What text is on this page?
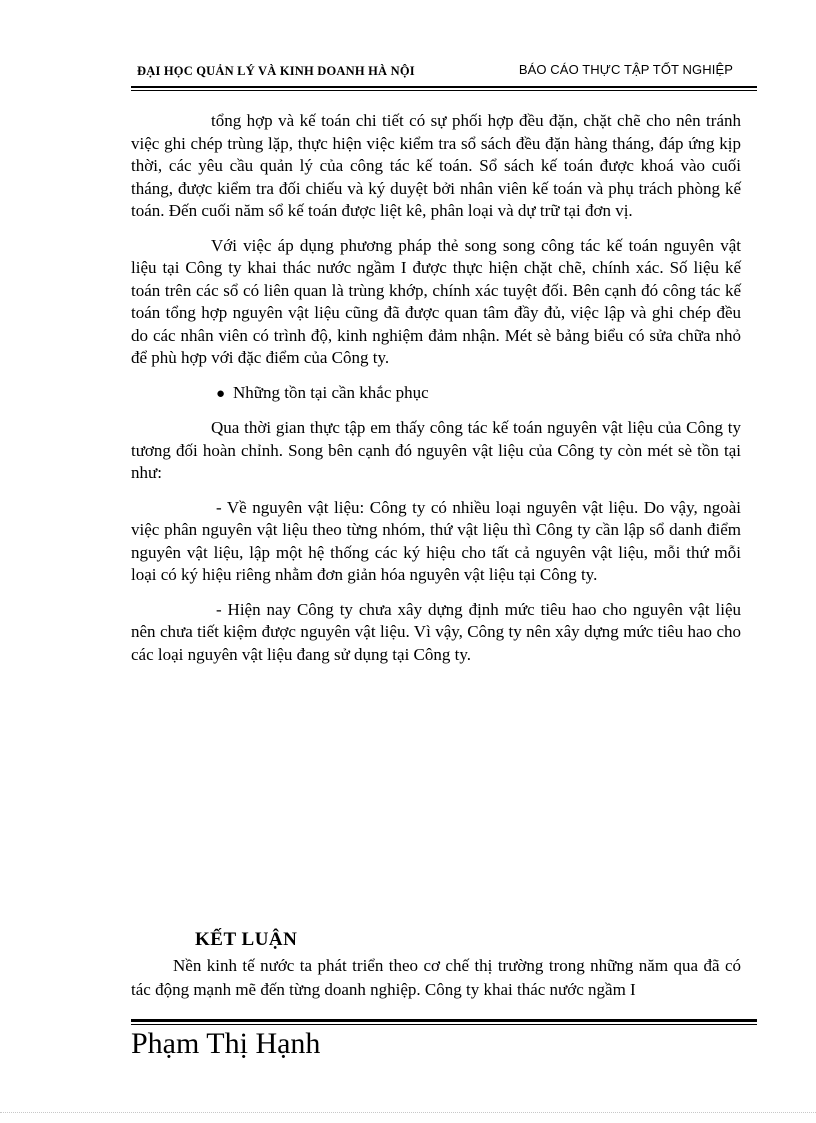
ĐẠI HỌC QUẢN LÝ VÀ KINH DOANH HÀ NỘI	BÁO CÁO THỰC TẬP TỐT NGHIỆP

tổng hợp và kế toán chi tiết có sự phối hợp đều đặn, chặt chẽ cho nên tránh việc ghi chép trùng lặp, thực hiện việc kiểm tra sổ sách đều đặn hàng tháng, đáp ứng kịp thời, các yêu cầu quản lý của công tác kế toán. Sổ sách kế toán được khoá vào cuối tháng, được kiểm tra đối chiếu và ký duyệt bởi nhân viên kế toán và phụ trách phòng kế toán. Đến cuối năm sổ kế toán được liệt kê, phân loại và dự trữ tại đơn vị.

Với việc áp dụng phương pháp thẻ song song công tác kế toán nguyên vật liệu tại Công ty khai thác nước ngầm I được thực hiện chặt chẽ, chính xác. Số liệu kế toán trên các sổ có liên quan là trùng khớp, chính xác tuyệt đối. Bên cạnh đó công tác kế toán tổng hợp nguyên vật liệu cũng đã được quan tâm đầy đủ, việc lập và ghi chép đều do các nhân viên có trình độ, kinh nghiệm đảm nhận. Mét sè bảng biểu có sửa chữa nhỏ để phù hợp với đặc điểm của Công ty.

● Những tồn tại cần khắc phục

Qua thời gian thực tập em thấy công tác kế toán nguyên vật liệu của Công ty tương đối hoàn chỉnh. Song bên cạnh đó nguyên vật liệu của Công ty còn mét sè tồn tại như:

- Về nguyên vật liệu: Công ty có nhiều loại nguyên vật liệu. Do vậy, ngoài việc phân nguyên vật liệu theo từng nhóm, thứ vật liệu thì Công ty cần lập sổ danh điểm nguyên vật liệu, lập một hệ thống các ký hiệu cho tất cả nguyên vật liệu, mỗi thứ mỗi loại có ký hiệu riêng nhằm đơn giản hóa nguyên vật liệu tại Công ty.

- Hiện nay Công ty chưa xây dựng định mức tiêu hao cho nguyên vật liệu nên chưa tiết kiệm được nguyên vật liệu. Vì vậy, Công ty nên xây dựng mức tiêu hao cho các loại nguyên vật liệu đang sử dụng tại Công ty.

KẾT LUẬN

Nền kinh tế nước ta phát triển theo cơ chế thị trường trong những năm qua đã có tác động mạnh mẽ đến từng doanh nghiệp. Công ty khai thác nước ngầm I

Phạm Thị Hạnh
